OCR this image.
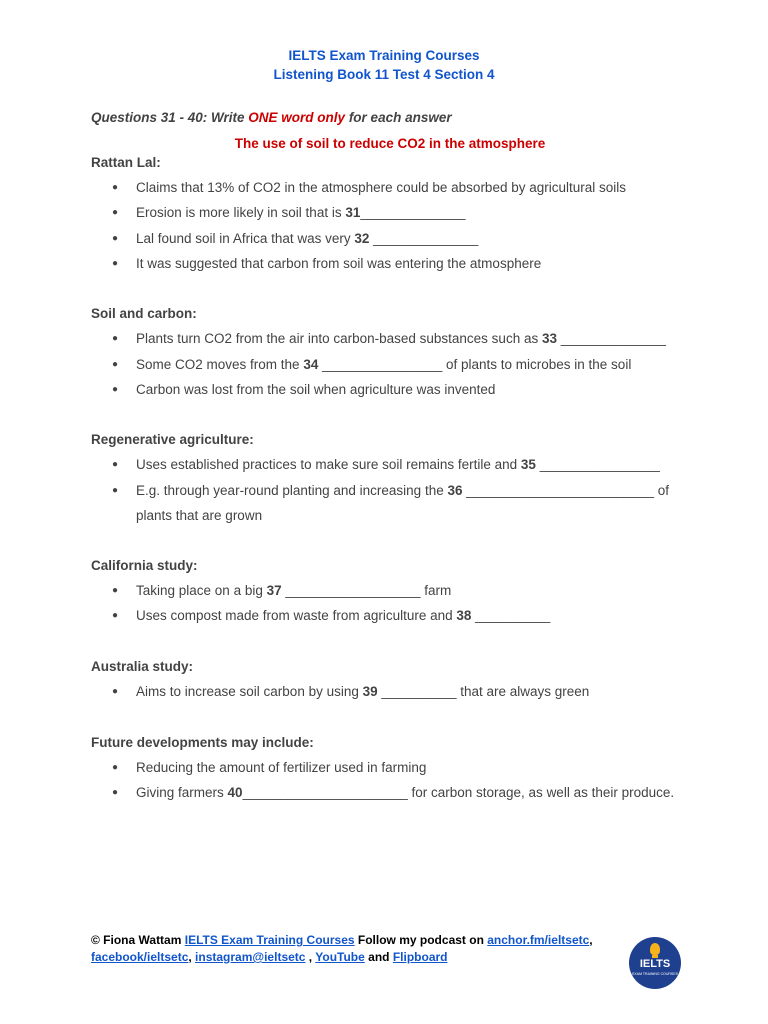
IELTS Exam Training Courses
Listening Book 11 Test 4 Section 4
Questions 31 - 40: Write ONE word only for each answer
The use of soil to reduce CO2 in the atmosphere
Rattan Lal:
● Claims that 13% of CO2 in the atmosphere could be absorbed by agricultural soils
● Erosion is more likely in soil that is 31______________
● Lal found soil in Africa that was very 32 ______________
● It was suggested that carbon from soil was entering the atmosphere
Soil and carbon:
● Plants turn CO2 from the air into carbon-based substances such as 33 ______________
● Some CO2 moves from the 34 ________________ of plants to microbes in the soil
● Carbon was lost from the soil when agriculture was invented
Regenerative agriculture:
● Uses established practices to make sure soil remains fertile and 35 ________________
● E.g. through year-round planting and increasing the 36 _________________________ of plants that are grown
California study:
● Taking place on a big 37 __________________ farm
● Uses compost made from waste from agriculture and 38 __________
Australia study:
● Aims to increase soil carbon by using 39 __________ that are always green
Future developments may include:
● Reducing the amount of fertilizer used in farming
● Giving farmers 40______________________ for carbon storage, as well as their produce.
© Fiona Wattam IELTS Exam Training Courses Follow my podcast on anchor.fm/ieltsetc,
facebook/ieltsetc, instagram@ieltsetc , YouTube and Flipboard	IELTS
EXAM TRAINING COURSES
